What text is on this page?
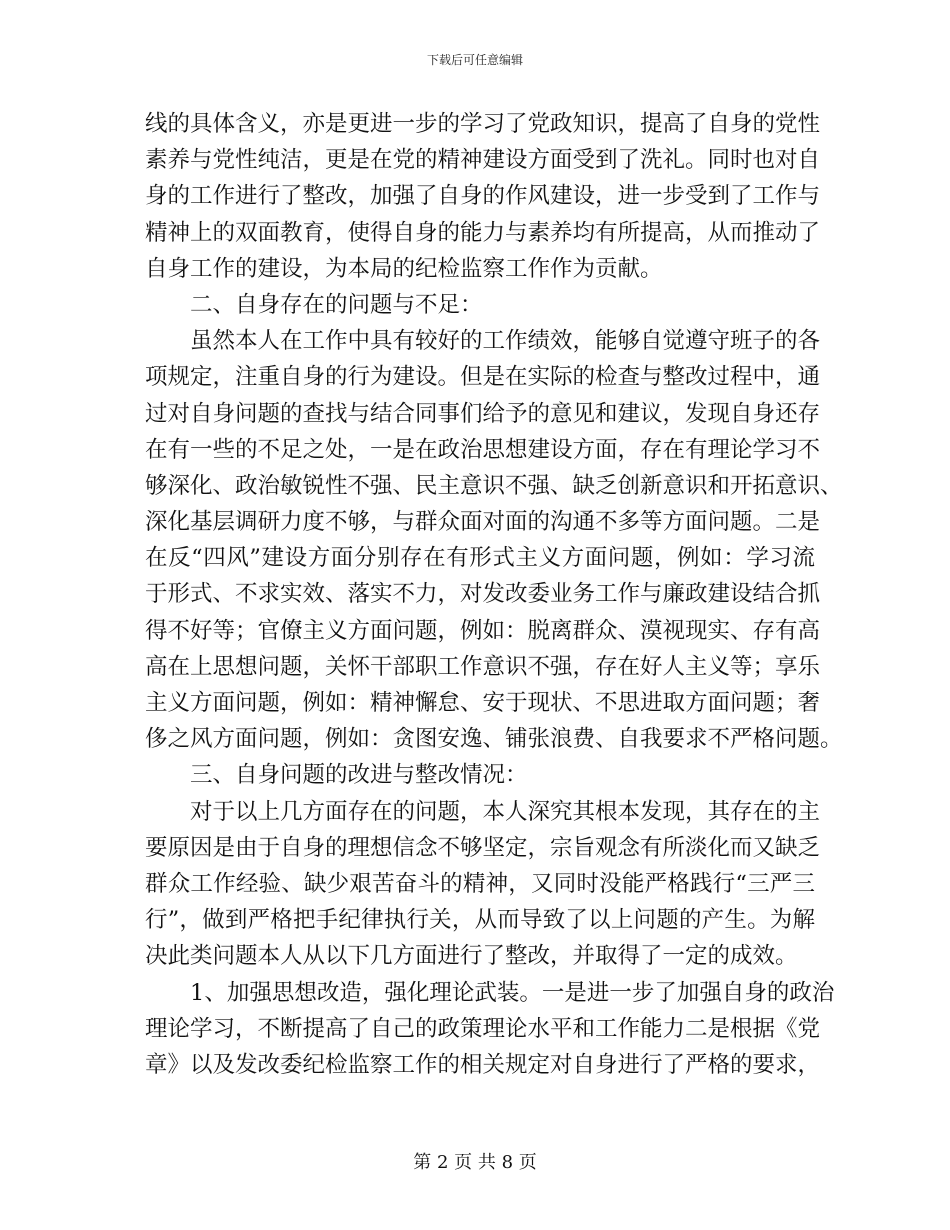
下载后可任意编辑
线的具体含义，亦是更进一步的学习了党政知识，提高了自身的党性
素养与党性纯洁，更是在党的精神建设方面受到了洗礼。同时也对自
身的工作进行了整改，加强了自身的作风建设，进一步受到了工作与
精神上的双面教育，使得自身的能力与素养均有所提高，从而推动了
自身工作的建设，为本局的纪检监察工作作为贡献。
二、自身存在的问题与不足：
虽然本人在工作中具有较好的工作绩效，能够自觉遵守班子的各
项规定，注重自身的行为建设。但是在实际的检查与整改过程中，通
过对自身问题的查找与结合同事们给予的意见和建议，发现自身还存
在有一些的不足之处，一是在政治思想建设方面，存在有理论学习不
够深化、政治敏锐性不强、民主意识不强、缺乏创新意识和开拓意识、
深化基层调研力度不够，与群众面对面的沟通不多等方面问题。二是
在反“四风”建设方面分别存在有形式主义方面问题，例如：学习流
于形式、不求实效、落实不力，对发改委业务工作与廉政建设结合抓
得不好等；官僚主义方面问题，例如：脱离群众、漠视现实、存有高
高在上思想问题，关怀干部职工作意识不强，存在好人主义等；享乐
主义方面问题，例如：精神懈怠、安于现状、不思进取方面问题；奢
侈之风方面问题，例如：贪图安逸、铺张浪费、自我要求不严格问题。
三、自身问题的改进与整改情况：
对于以上几方面存在的问题，本人深究其根本发现，其存在的主
要原因是由于自身的理想信念不够坚定，宗旨观念有所淡化而又缺乏
群众工作经验、缺少艰苦奋斗的精神，又同时没能严格践行“三严三
行”，做到严格把手纪律执行关，从而导致了以上问题的产生。为解
决此类问题本人从以下几方面进行了整改，并取得了一定的成效。
1、加强思想改造，强化理论武装。一是进一步了加强自身的政治
理论学习，不断提高了自己的政策理论水平和工作能力二是根据《党
章》以及发改委纪检监察工作的相关规定对自身进行了严格的要求，
第 2 页 共 8 页
